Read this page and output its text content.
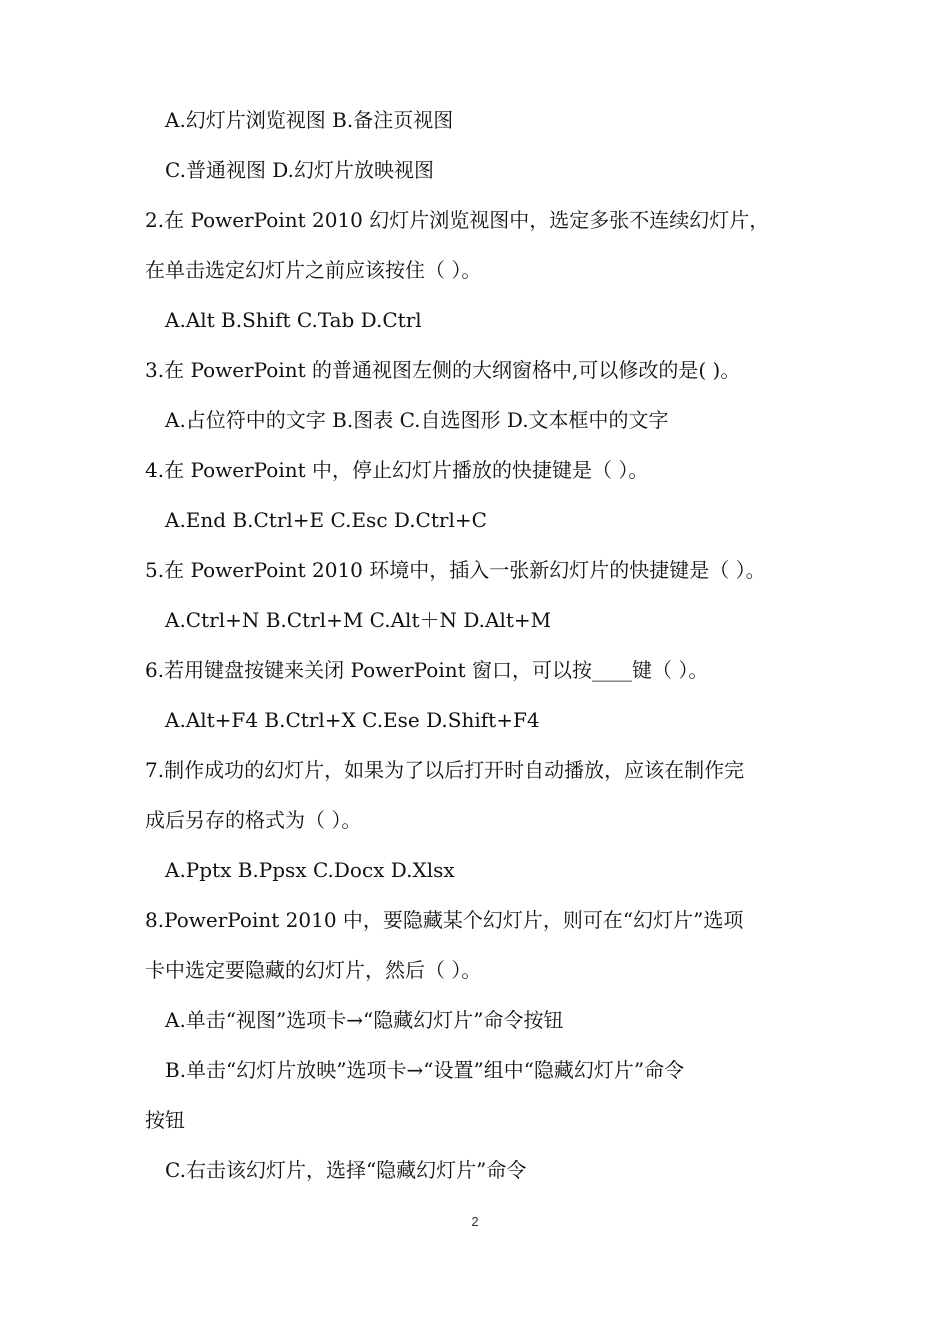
A.幻灯片浏览视图 B.备注页视图
C.普通视图 D.幻灯片放映视图
2.在 PowerPoint 2010 幻灯片浏览视图中，选定多张不连续幻灯片，
在单击选定幻灯片之前应该按住（ ）。
A.Alt B.Shift C.Tab D.Ctrl
3.在 PowerPoint 的普通视图左侧的大纲窗格中,可以修改的是( )。
A.占位符中的文字 B.图表 C.自选图形 D.文本框中的文字
4.在 PowerPoint 中，停止幻灯片播放的快捷键是（ ）。
A.End B.Ctrl+E C.Esc D.Ctrl+C
5.在 PowerPoint 2010 环境中，插入一张新幻灯片的快捷键是（ ）。
A.Ctrl+N B.Ctrl+M C.Alt＋N D.Alt+M
6.若用键盘按键来关闭 PowerPoint 窗口，可以按____键（ ）。
A.Alt+F4 B.Ctrl+X C.Ese D.Shift+F4
7.制作成功的幻灯片，如果为了以后打开时自动播放，应该在制作完
成后另存的格式为（ ）。
A.Pptx B.Ppsx C.Docx D.Xlsx
8.PowerPoint 2010 中，要隐藏某个幻灯片，则可在“幻灯片”选项
卡中选定要隐藏的幻灯片，然后（ ）。
A.单击“视图”选项卡→“隐藏幻灯片”命令按钮
B.单击“幻灯片放映”选项卡→“设置”组中“隐藏幻灯片”命令
按钮
C.右击该幻灯片，选择“隐藏幻灯片”命令
2
